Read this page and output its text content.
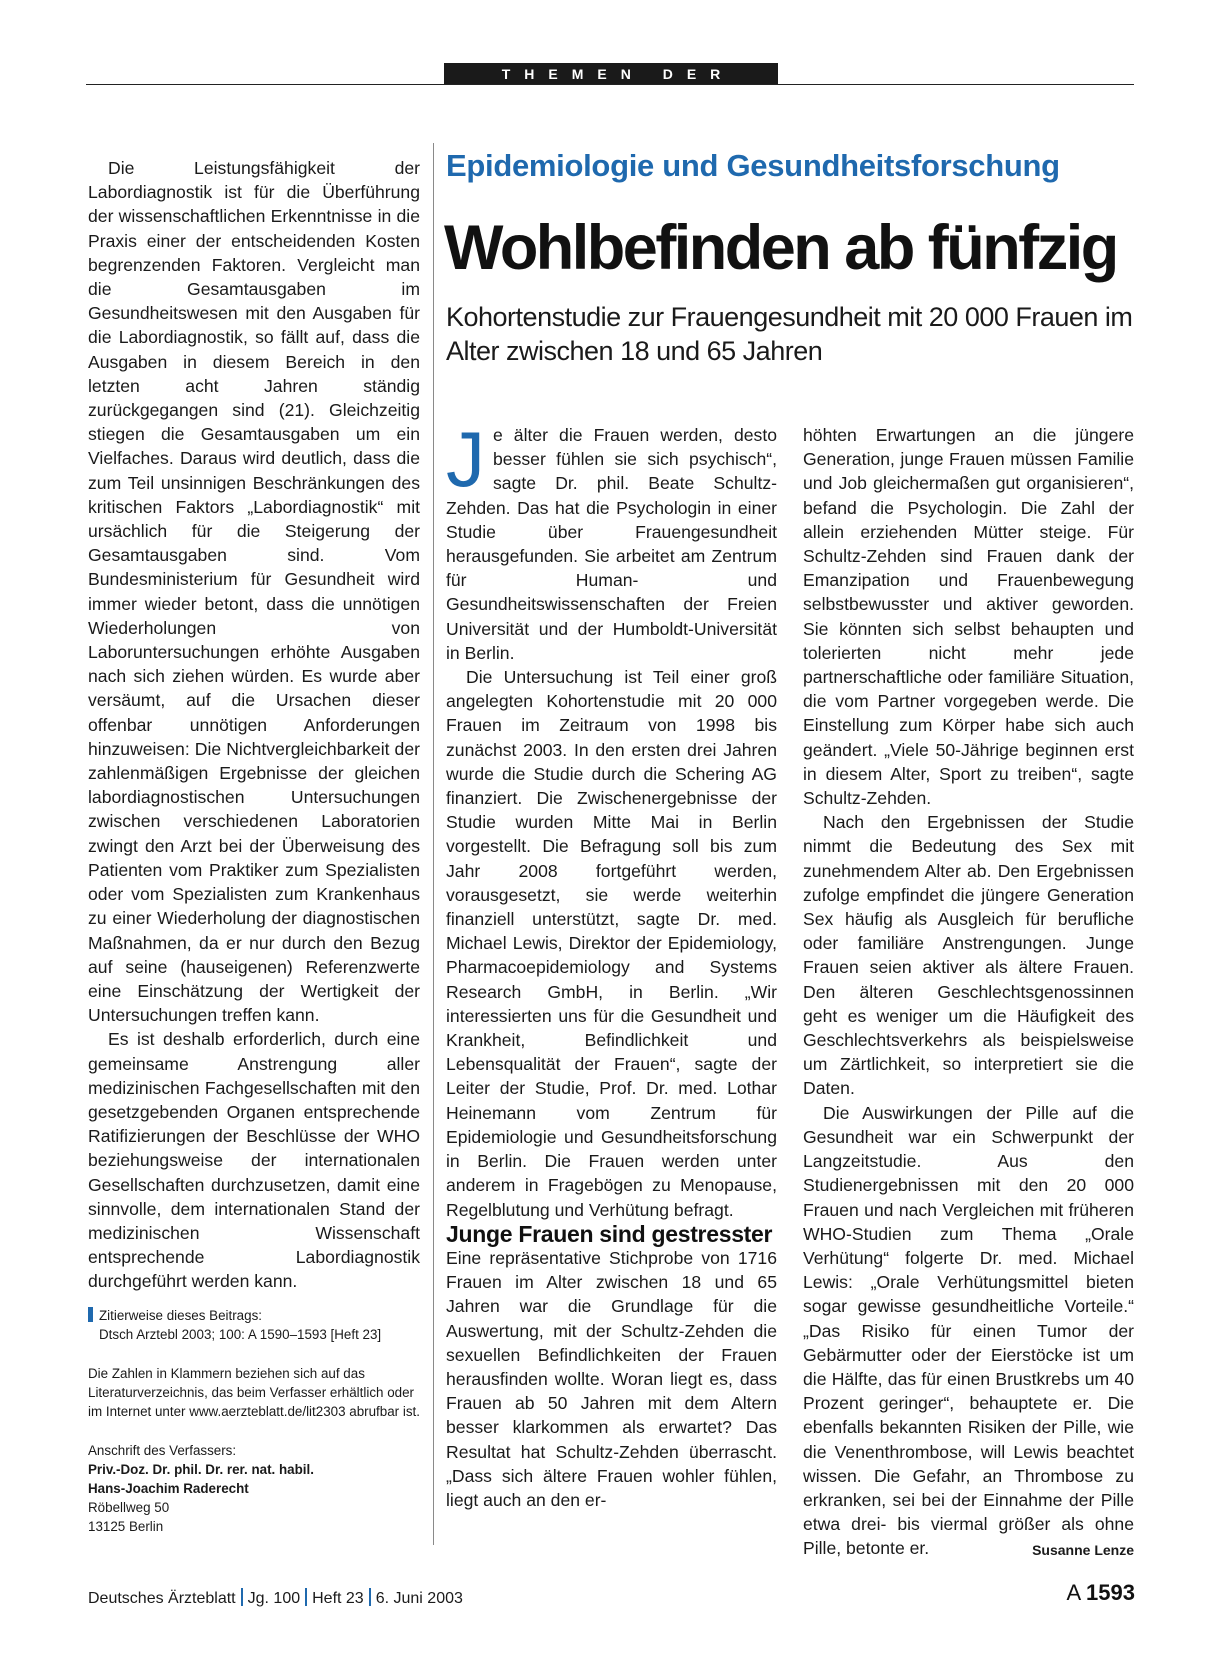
THEMEN DER ZEIT

Die Leistungsfähigkeit der Labordiagnostik ist für die Überführung der wissenschaftlichen Erkenntnisse in die Praxis einer der entscheidenden Kosten begrenzenden Faktoren. Vergleicht man die Gesamtausgaben im Gesundheitswesen mit den Ausgaben für die Labordiagnostik, so fällt auf, dass die Ausgaben in diesem Bereich in den letzten acht Jahren ständig zurückgegangen sind (21). Gleichzeitig stiegen die Gesamtausgaben um ein Vielfaches. Daraus wird deutlich, dass die zum Teil unsinnigen Beschränkungen des kritischen Faktors „Labordiagnostik“ mit ursächlich für die Steigerung der Gesamtausgaben sind. Vom Bundesministerium für Gesundheit wird immer wieder betont, dass die unnötigen Wiederholungen von Laboruntersuchungen erhöhte Ausgaben nach sich ziehen würden. Es wurde aber versäumt, auf die Ursachen dieser offenbar unnötigen Anforderungen hinzuweisen: Die Nichtvergleichbarkeit der zahlenmäßigen Ergebnisse der gleichen labordiagnostischen Untersuchungen zwischen verschiedenen Laboratorien zwingt den Arzt bei der Überweisung des Patienten vom Praktiker zum Spezialisten oder vom Spezialisten zum Krankenhaus zu einer Wiederholung der diagnostischen Maßnahmen, da er nur durch den Bezug auf seine (hauseigenen) Referenzwerte eine Einschätzung der Wertigkeit der Untersuchungen treffen kann.

Es ist deshalb erforderlich, durch eine gemeinsame Anstrengung aller medizinischen Fachgesellschaften mit den gesetzgebenden Organen entsprechende Ratifizierungen der Beschlüsse der WHO beziehungsweise der internationalen Gesellschaften durchzusetzen, damit eine sinnvolle, dem internationalen Stand der medizinischen Wissenschaft entsprechende Labordiagnostik durchgeführt werden kann.

Zitierweise dieses Beitrags:
Dtsch Arztebl 2003; 100: A 1590–1593 [Heft 23]
Die Zahlen in Klammern beziehen sich auf das Literaturverzeichnis, das beim Verfasser erhältlich oder im Internet unter www.aerzteblatt.de/lit2303 abrufbar ist.
Anschrift des Verfassers:
Priv.-Doz. Dr. phil. Dr. rer. nat. habil.
Hans-Joachim Raderecht
Röbellweg 50
13125 Berlin
Epidemiologie und Gesundheitsforschung
Wohlbefinden ab fünfzig
Kohortenstudie zur Frauengesundheit mit 20 000 Frauen im Alter zwischen 18 und 65 Jahren

Je älter die Frauen werden, desto besser fühlen sie sich psychisch“, sagte Dr. phil. Beate Schultz-Zehden. Das hat die Psychologin in einer Studie über Frauengesundheit herausgefunden. Sie arbeitet am Zentrum für Human- und Gesundheitswissenschaften der Freien Universität und der Humboldt-Universität in Berlin.

Die Untersuchung ist Teil einer groß angelegten Kohortenstudie mit 20 000 Frauen im Zeitraum von 1998 bis zunächst 2003. In den ersten drei Jahren wurde die Studie durch die Schering AG finanziert. Die Zwischenergebnisse der Studie wurden Mitte Mai in Berlin vorgestellt. Die Befragung soll bis zum Jahr 2008 fortgeführt werden, vorausgesetzt, sie werde weiterhin finanziell unterstützt, sagte Dr. med. Michael Lewis, Direktor der Epidemiology, Pharmacoepidemiology and Systems Research GmbH, in Berlin. „Wir interessierten uns für die Gesundheit und Krankheit, Befindlichkeit und Lebensqualität der Frauen“, sagte der Leiter der Studie, Prof. Dr. med. Lothar Heinemann vom Zentrum für Epidemiologie und Gesundheitsforschung in Berlin. Die Frauen werden unter anderem in Fragebögen zu Menopause, Regelblutung und Verhütung befragt.

Junge Frauen sind gestresster

Eine repräsentative Stichprobe von 1716 Frauen im Alter zwischen 18 und 65 Jahren war die Grundlage für die Auswertung, mit der Schultz-Zehden die sexuellen Befindlichkeiten der Frauen herausfinden wollte. Woran liegt es, dass Frauen ab 50 Jahren mit dem Altern besser klarkommen als erwartet? Das Resultat hat Schultz-Zehden überrascht. „Dass sich ältere Frauen wohler fühlen, liegt auch an den er-

höhten Erwartungen an die jüngere Generation, junge Frauen müssen Familie und Job gleichermaßen gut organisieren“, befand die Psychologin. Die Zahl der allein erziehenden Mütter steige. Für Schultz-Zehden sind Frauen dank der Emanzipation und Frauenbewegung selbstbewusster und aktiver geworden. Sie könnten sich selbst behaupten und tolerierten nicht mehr jede partnerschaftliche oder familiäre Situation, die vom Partner vorgegeben werde. Die Einstellung zum Körper habe sich auch geändert. „Viele 50-Jährige beginnen erst in diesem Alter, Sport zu treiben“, sagte Schultz-Zehden.

Nach den Ergebnissen der Studie nimmt die Bedeutung des Sex mit zunehmendem Alter ab. Den Ergebnissen zufolge empfindet die jüngere Generation Sex häufig als Ausgleich für berufliche oder familiäre Anstrengungen. Junge Frauen seien aktiver als ältere Frauen. Den älteren Geschlechtsgenossinnen geht es weniger um die Häufigkeit des Geschlechtsverkehrs als beispielsweise um Zärtlichkeit, so interpretiert sie die Daten.

Die Auswirkungen der Pille auf die Gesundheit war ein Schwerpunkt der Langzeitstudie. Aus den Studienergebnissen mit den 20 000 Frauen und nach Vergleichen mit früheren WHO-Studien zum Thema „Orale Verhütung“ folgerte Dr. med. Michael Lewis: „Orale Verhütungsmittel bieten sogar gewisse gesundheitliche Vorteile.“ „Das Risiko für einen Tumor der Gebärmutter oder der Eierstöcke ist um die Hälfte, das für einen Brustkrebs um 40 Prozent geringer“, behauptete er. Die ebenfalls bekannten Risiken der Pille, wie die Venenthrombose, will Lewis beachtet wissen. Die Gefahr, an Thrombose zu erkranken, sei bei der Einnahme der Pille etwa drei- bis viermal größer als ohne Pille, betonte er.	Susanne Lenze

Deutsches Ärzteblatt Jg. 100 Heft 23 6. Juni 2003	A 1593
